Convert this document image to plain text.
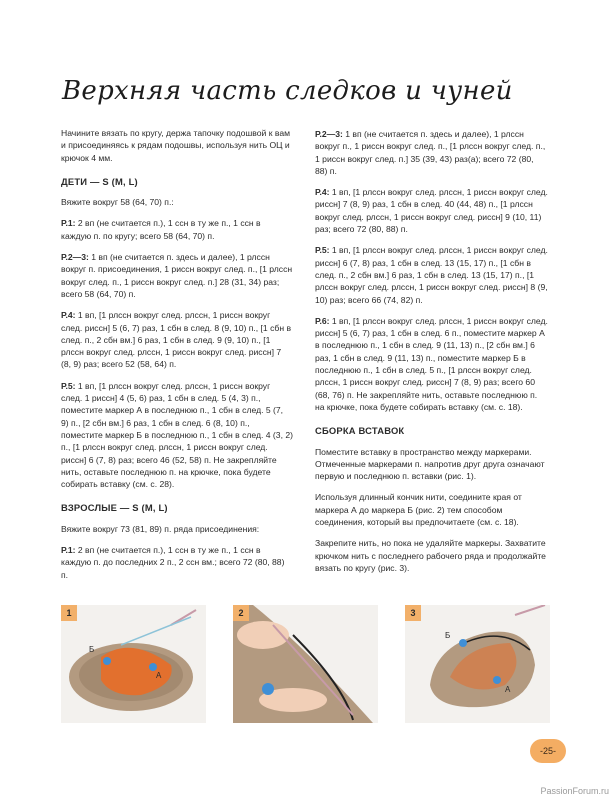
Верхняя часть следков и чуней

Начините вязать по кругу, держа тапочку подошвой к вам и присоединяясь к рядам подошвы, используя нить ОЦ и крючок 4 мм.

ДЕТИ — S (M, L)

Вяжите вокруг 58 (64, 70) п.:

Р.1: 2 вп (не считается п.), 1 ссн в ту же п., 1 ссн в каждую п. по кругу; всего 58 (64, 70) п.

Р.2—3: 1 вп (не считается п. здесь и далее), 1 рлссн вокруг п. присоединения, 1 риссн вокруг след. п., [1 рлссн вокруг след. п., 1 риссн вокруг след. п.] 28 (31, 34) раз; всего 58 (64, 70) п.

Р.4: 1 вп, [1 рлссн вокруг след. рлссн, 1 риссн вокруг след. риссн] 5 (6, 7) раз, 1 сбн в след. 8 (9, 10) п., [1 сбн в след. п., 2 сбн вм.] 6 раз, 1 сбн в след. 9 (9, 10) п., [1 рлссн вокруг след. рлссн, 1 риссн вокруг след. риссн] 7 (8, 9) раз; всего 52 (58, 64) п.

Р.5: 1 вп, [1 рлссн вокруг след. рлссн, 1 риссн вокруг след. 1 риссн] 4 (5, 6) раз, 1 сбн в след. 5 (4, 3) п., поместите маркер А в последнюю п., 1 сбн в след. 5 (7, 9) п., [2 сбн вм.] 6 раз, 1 сбн в след. 6 (8, 10) п., поместите маркер Б в последнюю п., 1 сбн в след. 4 (3, 2) п., [1 рлссн вокруг след. рлссн, 1 риссн вокруг след. риссн] 6 (7, 8) раз; всего 46 (52, 58) п. Не закрепляйте нить, оставьте последнюю п. на крючке, пока будете собирать вставку (см. с. 28).

ВЗРОСЛЫЕ — S (M, L)

Вяжите вокруг 73 (81, 89) п. ряда присоединения:

Р.1: 2 вп (не считается п.), 1 ссн в ту же п., 1 ссн в каждую п. до последних 2 п., 2 ссн вм.; всего 72 (80, 88) п.

Р.2—3: 1 вп (не считается п. здесь и далее), 1 рлссн вокруг п., 1 риссн вокруг след. п., [1 рлссн вокруг след. п., 1 риссн вокруг след. п.] 35 (39, 43) раз(а); всего 72 (80, 88) п.

Р.4: 1 вп, [1 рлссн вокруг след. рлссн, 1 риссн вокруг след. риссн] 7 (8, 9) раз, 1 сбн в след. 40 (44, 48) п., [1 рлссн вокруг след. рлссн, 1 риссн вокруг след. риссн] 9 (10, 11) раз; всего 72 (80, 88) п.

Р.5: 1 вп, [1 рлссн вокруг след. рлссн, 1 риссн вокруг след. риссн] 6 (7, 8) раз, 1 сбн в след. 13 (15, 17) п., [1 сбн в след. п., 2 сбн вм.] 6 раз, 1 сбн в след. 13 (15, 17) п., [1 рлссн вокруг след. рлссн, 1 риссн вокруг след. риссн] 8 (9, 10) раз; всего 66 (74, 82) п.

Р.6: 1 вп, [1 рлссн вокруг след. рлссн, 1 риссн вокруг след. риссн] 5 (6, 7) раз, 1 сбн в след. 6 п., поместите маркер А в последнюю п., 1 сбн в след. 9 (11, 13) п., [2 сбн вм.] 6 раз, 1 сбн в след. 9 (11, 13) п., поместите маркер Б в последнюю п., 1 сбн в след. 5 п., [1 рлссн вокруг след. рлссн, 1 риссн вокруг след. риссн] 7 (8, 9) раз; всего 60 (68, 76) п. Не закрепляйте нить, оставьте последнюю п. на крючке, пока будете собирать вставку (см. с. 18).

СБОРКА ВСТАВОК

Поместите вставку в пространство между маркерами. Отмеченные маркерами п. напротив друг друга означают первую и последнюю п. вставки (рис. 1).

Используя длинный кончик нити, соедините края от маркера А до маркера Б (рис. 2) тем способом соединения, который вы предпочитаете (см. с. 18).

Закрепите нить, но пока не удаляйте маркеры. Захватите крючком нить с последнего рабочего ряда и продолжайте вязать по кругу (рис. 3).

1
Б
А
2	3
Б
А
-25-
PassionForum.ru
